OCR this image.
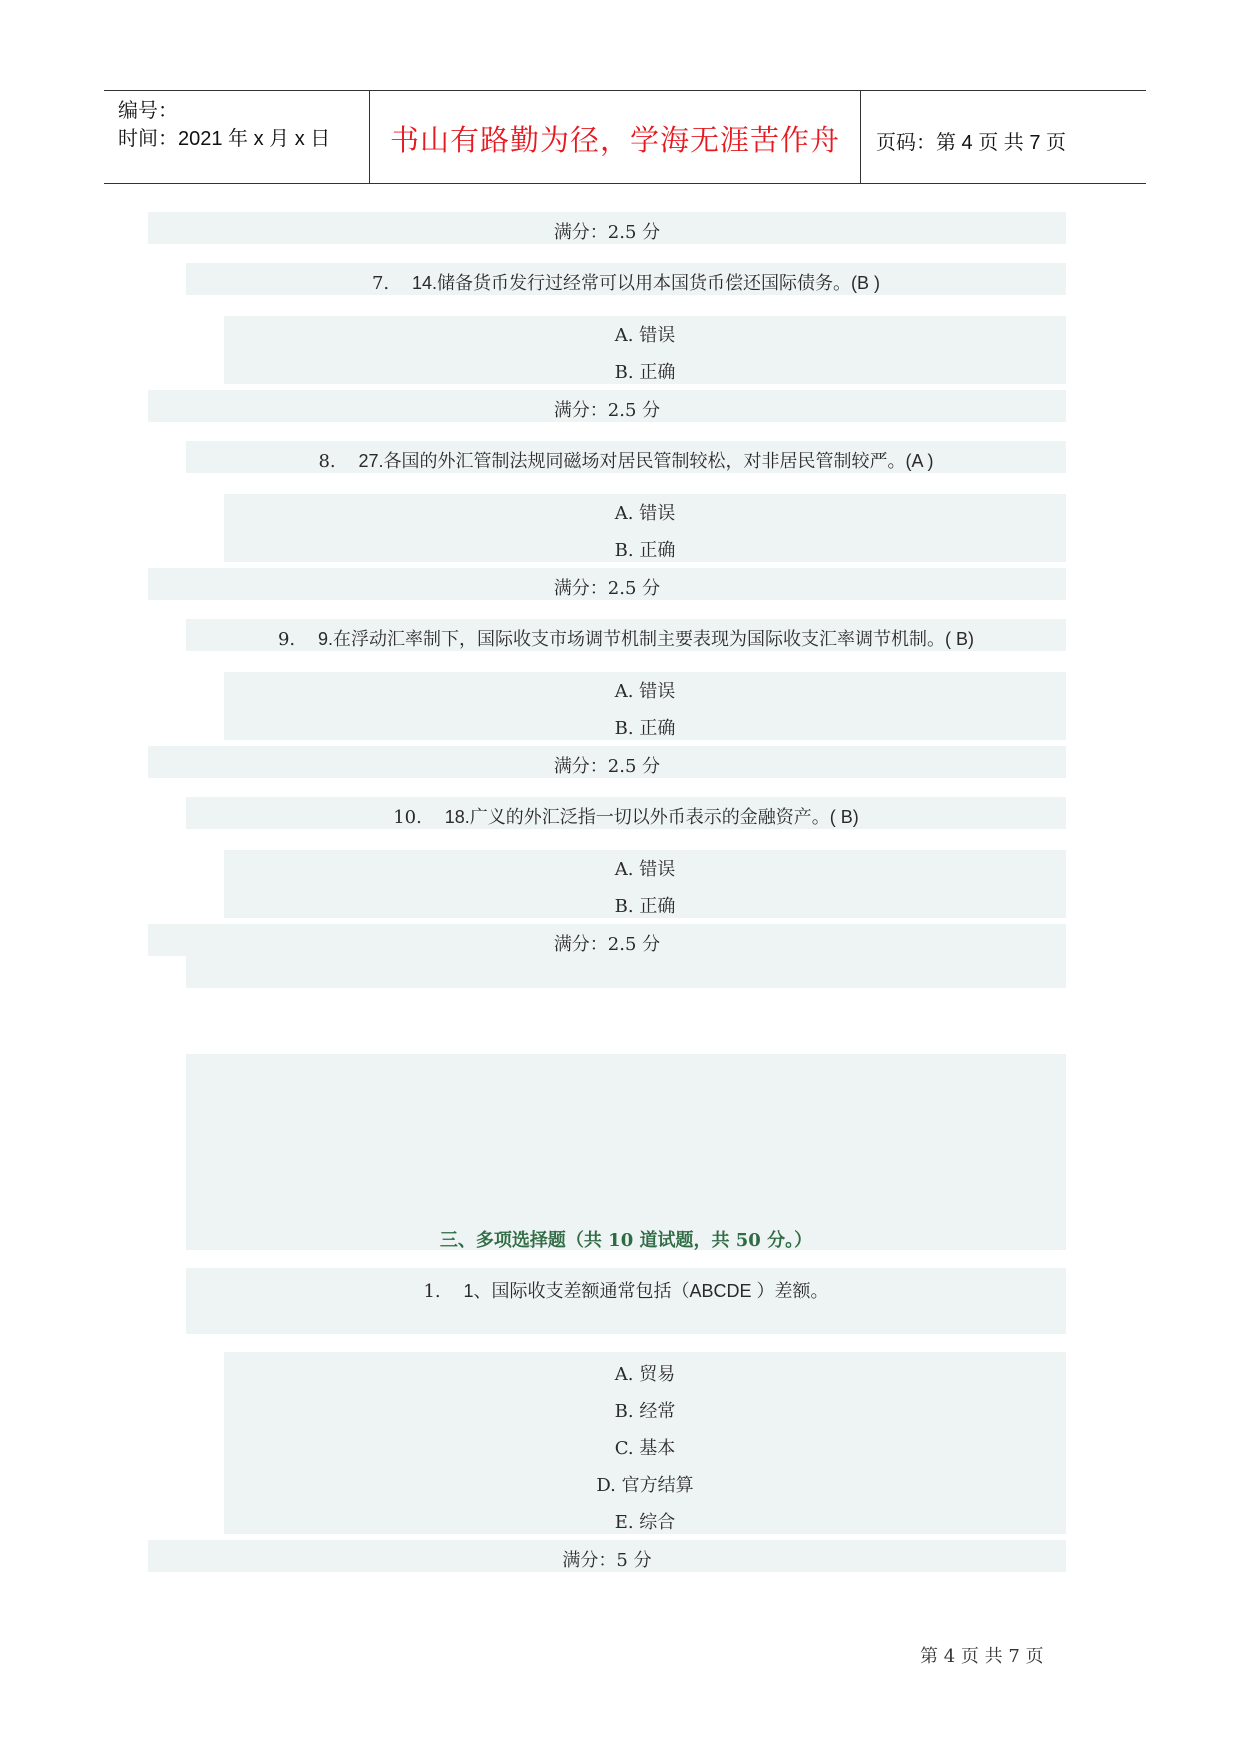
编号：
时间：2021 年 x 月 x 日	书山有路勤为径，学海无涯苦作舟	页码：第 4 页 共 7 页
满分：2.5 分
7. 14.储备货币发行过经常可以用本国货币偿还国际债务。(B )
A. 错误
B. 正确
满分：2.5 分
8. 27.各国的外汇管制法规同磁场对居民管制较松，对非居民管制较严。(A )
A. 错误
B. 正确
满分：2.5 分
9. 9.在浮动汇率制下，国际收支市场调节机制主要表现为国际收支汇率调节机制。( B)
A. 错误
B. 正确
满分：2.5 分
10. 18.广义的外汇泛指一切以外币表示的金融资产。( B)
A. 错误
B. 正确
满分：2.5 分
三、多项选择题（共 10 道试题，共 50 分。）
1. 1、国际收支差额通常包括（ABCDE ）差额。
A. 贸易
B. 经常
C. 基本
D. 官方结算
E. 综合
满分：5 分
第 4 页 共 7 页
